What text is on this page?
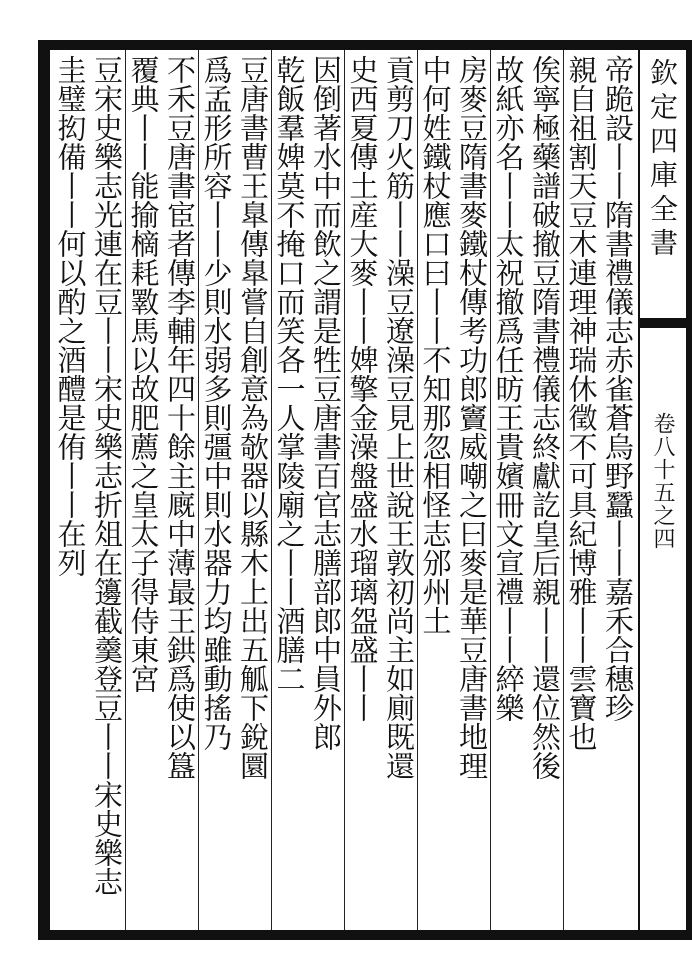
欽定四庫全書
卷八十五之四
帝跪設丨丨隋書禮儀志赤雀蒼烏野蠶丨丨嘉禾合穗珍
親自祖割天豆木連理神瑞休徵不可具紀博雅丨丨雲寶也
俟寧極藥譜破撤豆隋書禮儀志終獻訖皇后親丨丨還位然後
故紙亦名丨丨太祝撤爲任昉王貴嬪冊文宣禮丨丨綷樂
房麥豆隋書麥鐵杖傳考功郎竇威嘲之曰麥是華豆唐書地理
中何姓鐵杖應口曰丨丨不知那忽相怪志邠州土
貢剪刀火筋丨丨澡豆遼澡豆見上世說王敦初尚主如廁既還
史西夏傳土産大麥丨丨婢擎金澡盤盛水瑠璃盌盛丨丨
因倒著水中而飲之謂是牲豆唐書百官志膳部郎中員外郎
乾飯羣婢莫不掩口而笑各一人掌陵廟之丨丨酒膳二
豆唐書曹王臯傳臯嘗自創意為欹器以縣木上出五觚下銳圜
爲孟形所容丨丨少則水弱多則彊中則水器力均雖動搖乃
不禾豆唐書宦者傳李輔年四十餘主廐中薄最王鉷爲使以簋
覆典丨丨能揄樀耗斁馬以故肥薦之皇太子得侍東宮
豆宋史樂志光連在豆丨丨宋史樂志折俎在籩截羹登豆丨丨宋史樂志
圭璧抝備丨丨何以酌之酒醴是侑丨丨在列
